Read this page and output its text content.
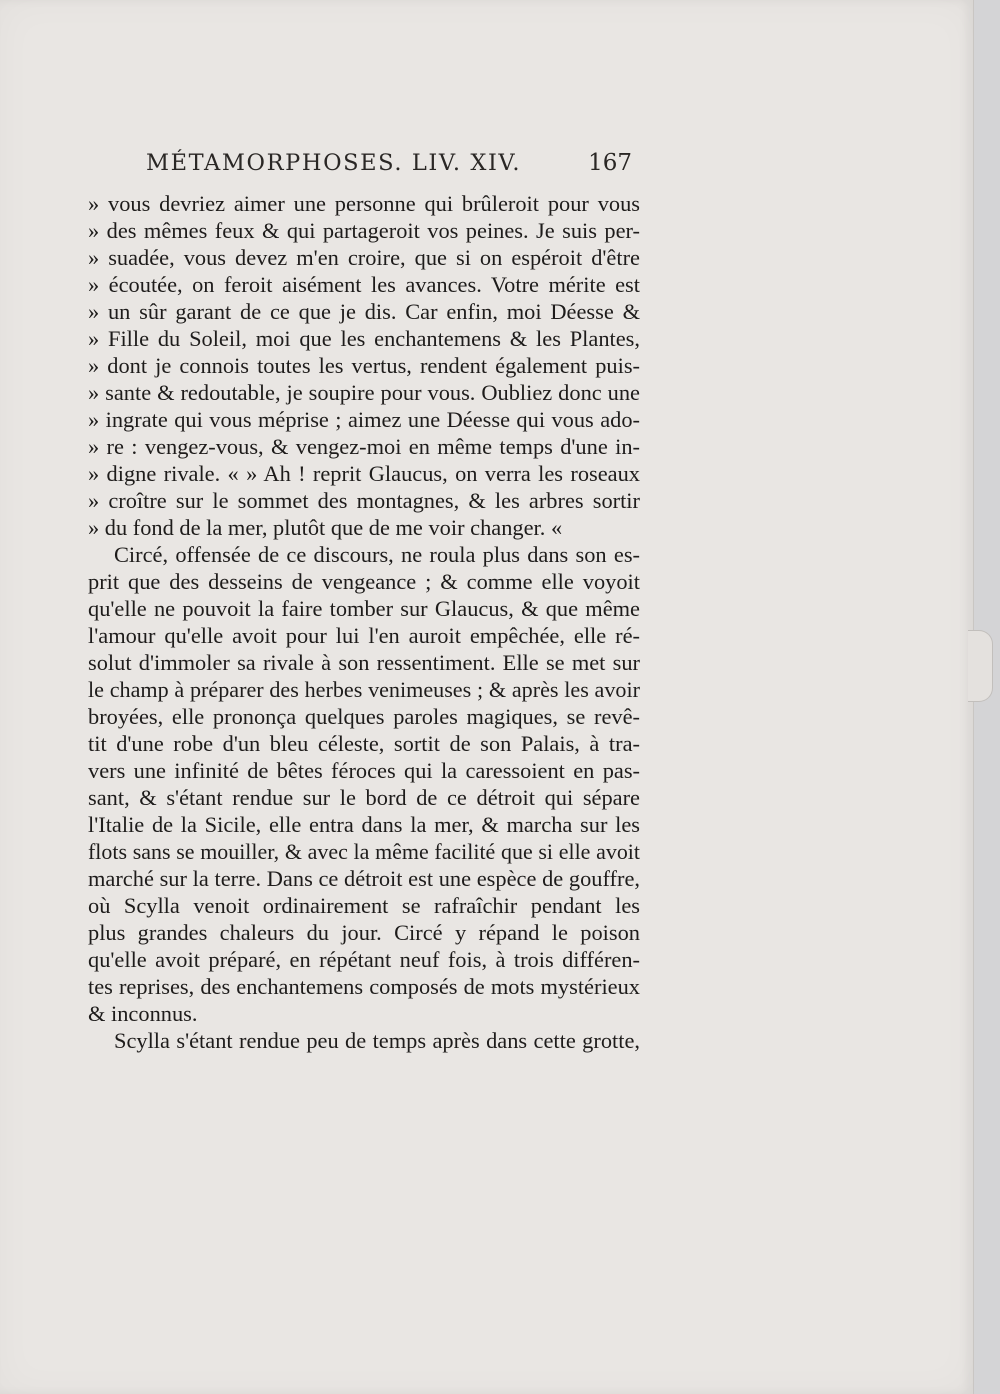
MÉTAMORPHOSES. LIV. XIV.	167
» vous devriez aimer une personne qui brûleroit pour vous
» des mêmes feux & qui partageroit vos peines. Je suis per-
» suadée, vous devez m'en croire, que si on espéroit d'être
» écoutée, on feroit aisément les avances. Votre mérite est
» un sûr garant de ce que je dis. Car enfin, moi Déesse &
» Fille du Soleil, moi que les enchantemens & les Plantes,
» dont je connois toutes les vertus, rendent également puis-
» sante & redoutable, je soupire pour vous. Oubliez donc une
» ingrate qui vous méprise ; aimez une Déesse qui vous ado-
» re : vengez-vous, & vengez-moi en même temps d'une in-
» digne rivale. « » Ah ! reprit Glaucus, on verra les roseaux
» croître sur le sommet des montagnes, & les arbres sortir
» du fond de la mer, plutôt que de me voir changer. «
Circé, offensée de ce discours, ne roula plus dans son es-
prit que des desseins de vengeance ; & comme elle voyoit
qu'elle ne pouvoit la faire tomber sur Glaucus, & que même
l'amour qu'elle avoit pour lui l'en auroit empêchée, elle ré-
solut d'immoler sa rivale à son ressentiment. Elle se met sur
le champ à préparer des herbes venimeuses ; & après les avoir
broyées, elle prononça quelques paroles magiques, se revê-
tit d'une robe d'un bleu céleste, sortit de son Palais, à tra-
vers une infinité de bêtes féroces qui la caressoient en pas-
sant, & s'étant rendue sur le bord de ce détroit qui sépare
l'Italie de la Sicile, elle entra dans la mer, & marcha sur les
flots sans se mouiller, & avec la même facilité que si elle avoit
marché sur la terre. Dans ce détroit est une espèce de gouffre,
où Scylla venoit ordinairement se rafraîchir pendant les
plus grandes chaleurs du jour. Circé y répand le poison
qu'elle avoit préparé, en répétant neuf fois, à trois différen-
tes reprises, des enchantemens composés de mots mystérieux
& inconnus.
Scylla s'étant rendue peu de temps après dans cette grotte,
